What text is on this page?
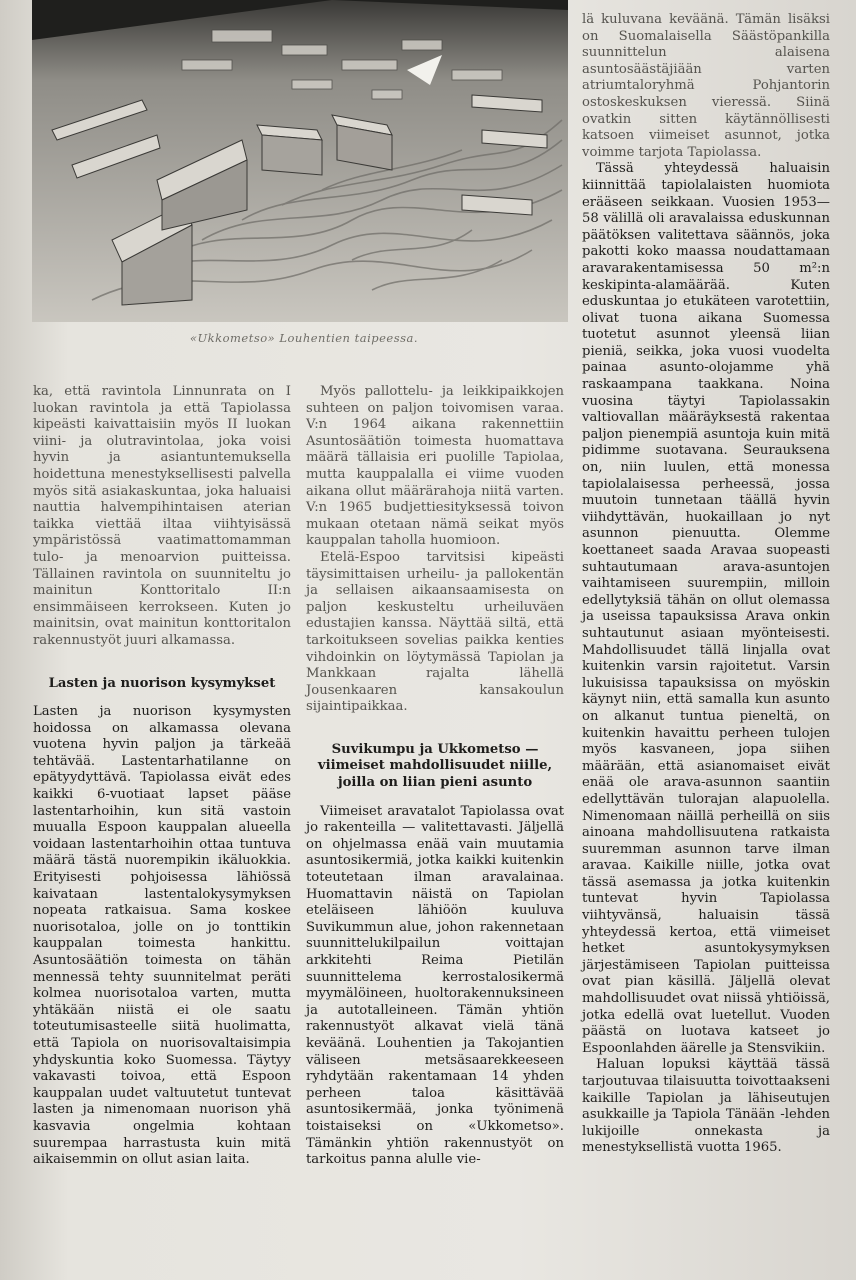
«Ukkometso» Louhentien taipeessa.

ka, että ravintola Linnunrata on I luokan ravintola ja että Tapiolassa kipeästi kaivattaisiin myös II luokan viini- ja olutravintolaa, joka voisi hyvin ja asiantuntemuksella hoidettuna menestyksellisesti palvella myös sitä asiakaskuntaa, joka haluaisi nauttia halvempihintaisen aterian taikka viettää iltaa viihtyisässä ympäristössä vaatimattomamman tulo- ja menoarvion puitteissa. Tällainen ravintola on suunniteltu jo mainitun Konttoritalo II:n ensimmäiseen kerrokseen. Kuten jo mainitsin, ovat mainitun konttoritalon rakennustyöt juuri alkamassa.

Lasten ja nuorison kysymykset

Lasten ja nuorison kysymysten hoidossa on alkamassa olevana vuotena hyvin paljon ja tärkeää tehtävää. Lastentarhatilanne on epätyydyttävä. Tapiolassa eivät edes kaikki 6-vuotiaat lapset pääse lastentarhoihin, kun sitä vastoin muualla Espoon kauppalan alueella voidaan lastentarhoihin ottaa tuntuva määrä tästä nuorempikin ikäluokkia. Erityisesti pohjoisessa lähiössä kaivataan lastentalokysymyksen nopeata ratkaisua. Sama koskee nuorisotaloa, jolle on jo tonttikin kauppalan toimesta hankittu. Asuntosäätiön toimesta on tähän mennessä tehty suunnitelmat peräti kolmea nuorisotaloa varten, mutta yhtäkään niistä ei ole saatu toteutumisasteelle siitä huolimatta, että Tapiola on nuorisovaltaisimpia yhdyskuntia koko Suomessa. Täytyy vakavasti toivoa, että Espoon kauppalan uudet valtuutetut tuntevat lasten ja nimenomaan nuorison yhä kasvavia ongelmia kohtaan suurempaa harrastusta kuin mitä aikaisemmin on ollut asian laita.

Myös pallottelu- ja leikkipaikkojen suhteen on paljon toivomisen varaa. V:n 1964 aikana rakennettiin Asuntosäätiön toimesta huomattava määrä tällaisia eri puolille Tapiolaa, mutta kauppalalla ei viime vuoden aikana ollut määrärahoja niitä varten. V:n 1965 budjettiesityksessä toivon mukaan otetaan nämä seikat myös kauppalan taholla huomioon.

Etelä-Espoo tarvitsisi kipeästi täysimittaisen urheilu- ja pallokentän ja sellaisen aikaansaamisesta on paljon keskusteltu urheiluväen edustajien kanssa. Näyttää siltä, että tarkoitukseen sovelias paikka kenties vihdoinkin on löytymässä Tapiolan ja Mankkaan rajalta lähellä Jousenkaaren kansakoulun sijaintipaikkaa.

Suvikumpu ja Ukkometso — viimeiset mahdollisuudet niille, joilla on liian pieni asunto

Viimeiset aravatalot Tapiolassa ovat jo rakenteilla — valitettavasti. Jäljellä on ohjelmassa enää vain muutamia asuntosikermiä, jotka kaikki kuitenkin toteutetaan ilman aravalainaa. Huomattavin näistä on Tapiolan eteläiseen lähiöön kuuluva Suvikummun alue, johon rakennetaan suunnittelukilpailun voittajan arkkitehti Reima Pietilän suunnittelema kerrostalosikermä myymälöineen, huoltorakennuksineen ja autotalleineen. Tämän yhtiön rakennustyöt alkavat vielä tänä keväänä. Louhentien ja Takojantien väliseen metsäsaarekkeeseen ryhdytään rakentamaan 14 yhden perheen taloa käsittävää asuntosikermää, jonka työnimenä toistaiseksi on «Ukkometso». Tämänkin yhtiön rakennustyöt on tarkoitus panna alulle vie-

lä kuluvana keväänä. Tämän lisäksi on Suomalaisella Säästöpankilla suunnittelun alaisena asuntosäästäjiään varten atriumtaloryhmä Pohjantorin ostoskeskuksen vieressä. Siinä ovatkin sitten käytännöllisesti katsoen viimeiset asunnot, jotka voimme tarjota Tapiolassa.

Tässä yhteydessä haluaisin kiinnittää tapiolalaisten huomiota erääseen seikkaan. Vuosien 1953—58 välillä oli aravalaissa eduskunnan päätöksen valitettava säännös, joka pakotti koko maassa noudattamaan aravarakentamisessa 50 m²:n keskipinta-alamäärää. Kuten eduskuntaa jo etukäteen varotettiin, olivat tuona aikana Suomessa tuotetut asunnot yleensä liian pieniä, seikka, joka vuosi vuodelta painaa asunto-olojamme yhä raskaampana taakkana. Noina vuosina täytyi Tapiolassakin valtiovallan määräyksestä rakentaa paljon pienempiä asuntoja kuin mitä pidimme suotavana. Seurauksena on, niin luulen, että monessa tapiolalaisessa perheessä, jossa muutoin tunnetaan täällä hyvin viihdyttävän, huokaillaan jo nyt asunnon pienuutta. Olemme koettaneet saada Aravaa suopeasti suhtautumaan arava-asuntojen vaihtamiseen suurempiin, milloin edellytyksiä tähän on ollut olemassa ja useissa tapauksissa Arava onkin suhtautunut asiaan myönteisesti. Mahdollisuudet tällä linjalla ovat kuitenkin varsin rajoitetut. Varsin lukuisissa tapauksissa on myöskin käynyt niin, että samalla kun asunto on alkanut tuntua pieneltä, on kuitenkin havaittu perheen tulojen myös kasvaneen, jopa siihen määrään, että asianomaiset eivät enää ole arava-asunnon saantiin edellyttävän tulorajan alapuolella. Nimenomaan näillä perheillä on siis ainoana mahdollisuutena ratkaista suuremman asunnon tarve ilman aravaa. Kaikille niille, jotka ovat tässä asemassa ja jotka kuitenkin tuntevat hyvin Tapiolassa viihtyvänsä, haluaisin tässä yhteydessä kertoa, että viimeiset hetket asuntokysymyksen järjestämiseen Tapiolan puitteissa ovat pian käsillä. Jäljellä olevat mahdollisuudet ovat niissä yhtiöissä, jotka edellä ovat luetellut. Vuoden päästä on luotava katseet jo Espoonlahden äärelle ja Stensvikiin.

Haluan lopuksi käyttää tässä tarjoutuvaa tilaisuutta toivottaakseni kaikille Tapiolan ja lähiseutujen asukkaille ja Tapiola Tänään -lehden lukijoille onnekasta ja menestyksellistä vuotta 1965.
